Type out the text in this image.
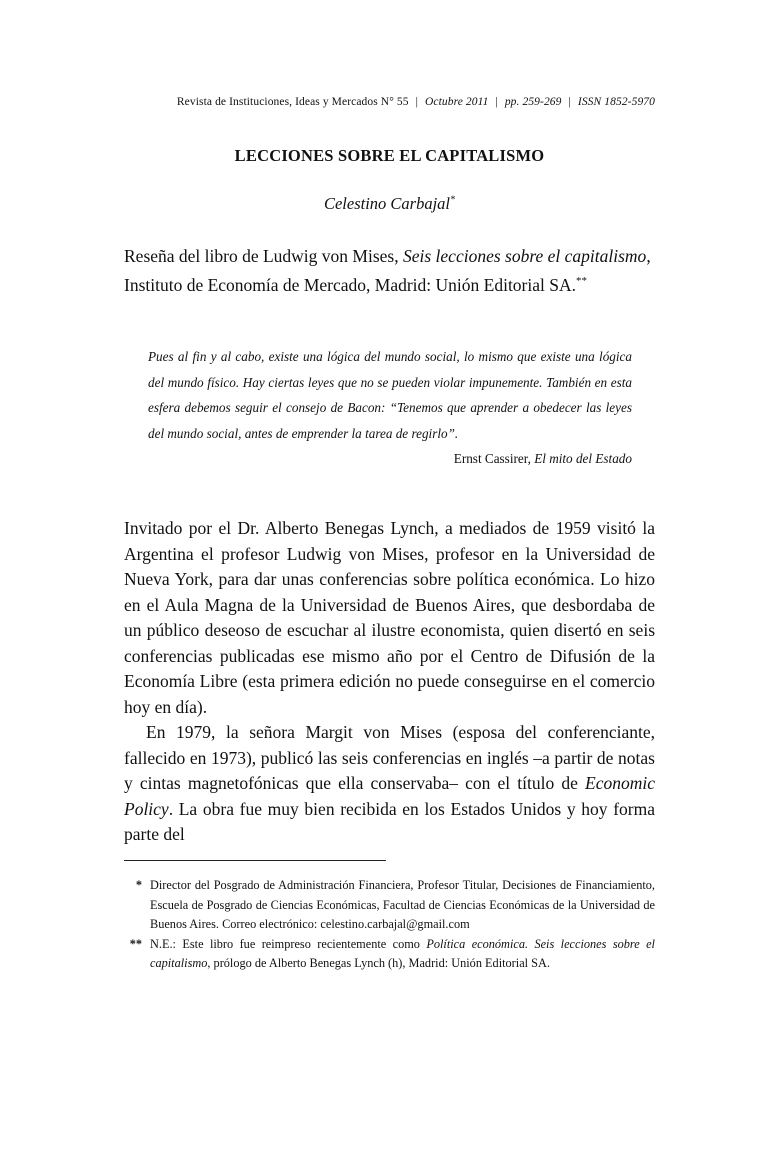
Revista de Instituciones, Ideas y Mercados N° 55 | Octubre 2011 | pp. 259-269 | ISSN 1852-5970
LECCIONES SOBRE EL CAPITALISMO
Celestino Carbajal*
Reseña del libro de Ludwig von Mises, Seis lecciones sobre el capitalismo, Instituto de Economía de Mercado, Madrid: Unión Editorial SA.**
Pues al fin y al cabo, existe una lógica del mundo social, lo mismo que existe una lógica del mundo físico. Hay ciertas leyes que no se pueden violar impunemente. También en esta esfera debemos seguir el consejo de Bacon: “Tenemos que aprender a obedecer las leyes del mundo social, antes de emprender la tarea de regirlo”.
Ernst Cassirer, El mito del Estado

Invitado por el Dr. Alberto Benegas Lynch, a mediados de 1959 visitó la Argentina el profesor Ludwig von Mises, profesor en la Universidad de Nueva York, para dar unas conferencias sobre política económica. Lo hizo en el Aula Magna de la Universidad de Buenos Aires, que desbordaba de un público deseoso de escuchar al ilustre economista, quien disertó en seis conferencias publicadas ese mismo año por el Centro de Difusión de la Economía Libre (esta primera edición no puede conseguirse en el comercio hoy en día).

En 1979, la señora Margit von Mises (esposa del conferenciante, fallecido en 1973), publicó las seis conferencias en inglés –a partir de notas y cintas magnetofónicas que ella conservaba– con el título de Economic Policy. La obra fue muy bien recibida en los Estados Unidos y hoy forma parte del

* Director del Posgrado de Administración Financiera, Profesor Titular, Decisiones de Financiamiento, Escuela de Posgrado de Ciencias Económicas, Facultad de Ciencias Económicas de la Universidad de Buenos Aires. Correo electrónico: celestino.carbajal@gmail.com
** N.E.: Este libro fue reimpreso recientemente como Política económica. Seis lecciones sobre el capitalismo, prólogo de Alberto Benegas Lynch (h), Madrid: Unión Editorial SA.
